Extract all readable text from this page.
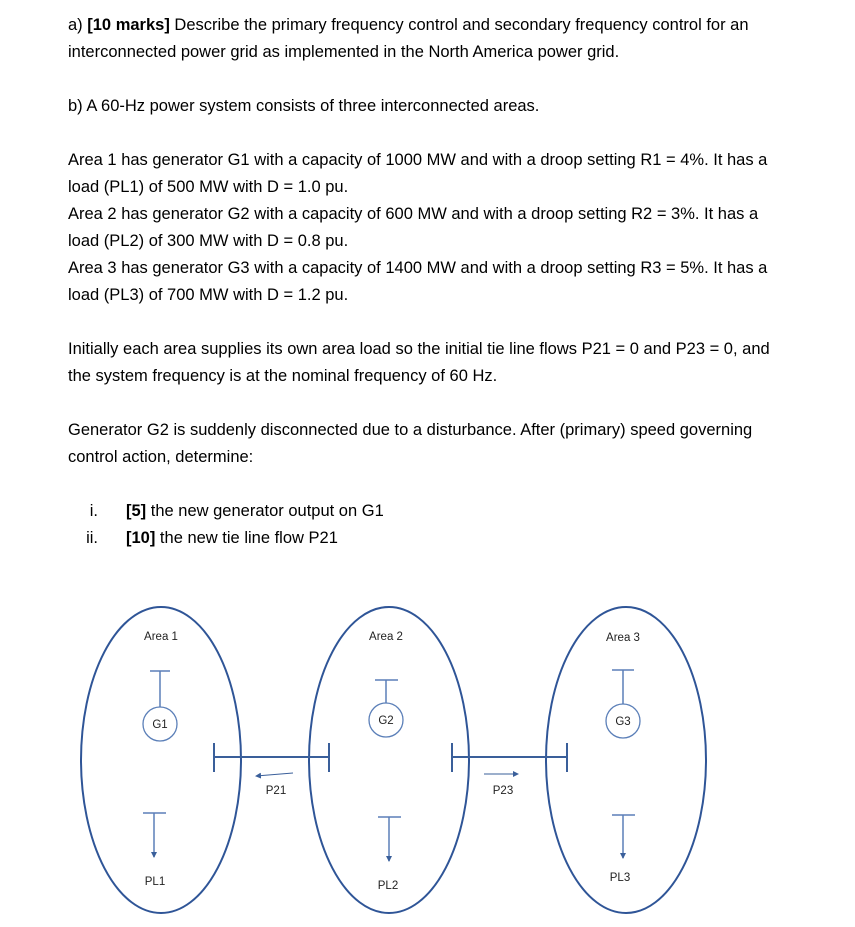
a) [10 marks] Describe the primary frequency control and secondary frequency control for an interconnected power grid as implemented in the North America power grid.

b) A 60-Hz power system consists of three interconnected areas.

Area 1 has generator G1 with a capacity of 1000 MW and with a droop setting R1 = 4%. It has a

load (PL1) of 500 MW with D = 1.0 pu.

Area 2 has generator G2 with a capacity of 600 MW and with a droop setting R2 = 3%. It has a

load (PL2) of 300 MW with D = 0.8 pu.

Area 3 has generator G3 with a capacity of 1400 MW and with a droop setting R3 = 5%. It has a

load (PL3) of 700 MW with D = 1.2 pu.

Initially each area supplies its own area load so the initial tie line flows P21 = 0 and P23 = 0, and

the system frequency is at the nominal frequency of 60 Hz.

Generator G2 is suddenly disconnected due to a disturbance. After (primary) speed governing

control action, determine:

i. [5] the new generator output on G1
ii. [10] the new tie line flow P21
Area 1	Area 2	Area 3
G1	G2	G3
P21	P23
PL1	PL2
PL3
